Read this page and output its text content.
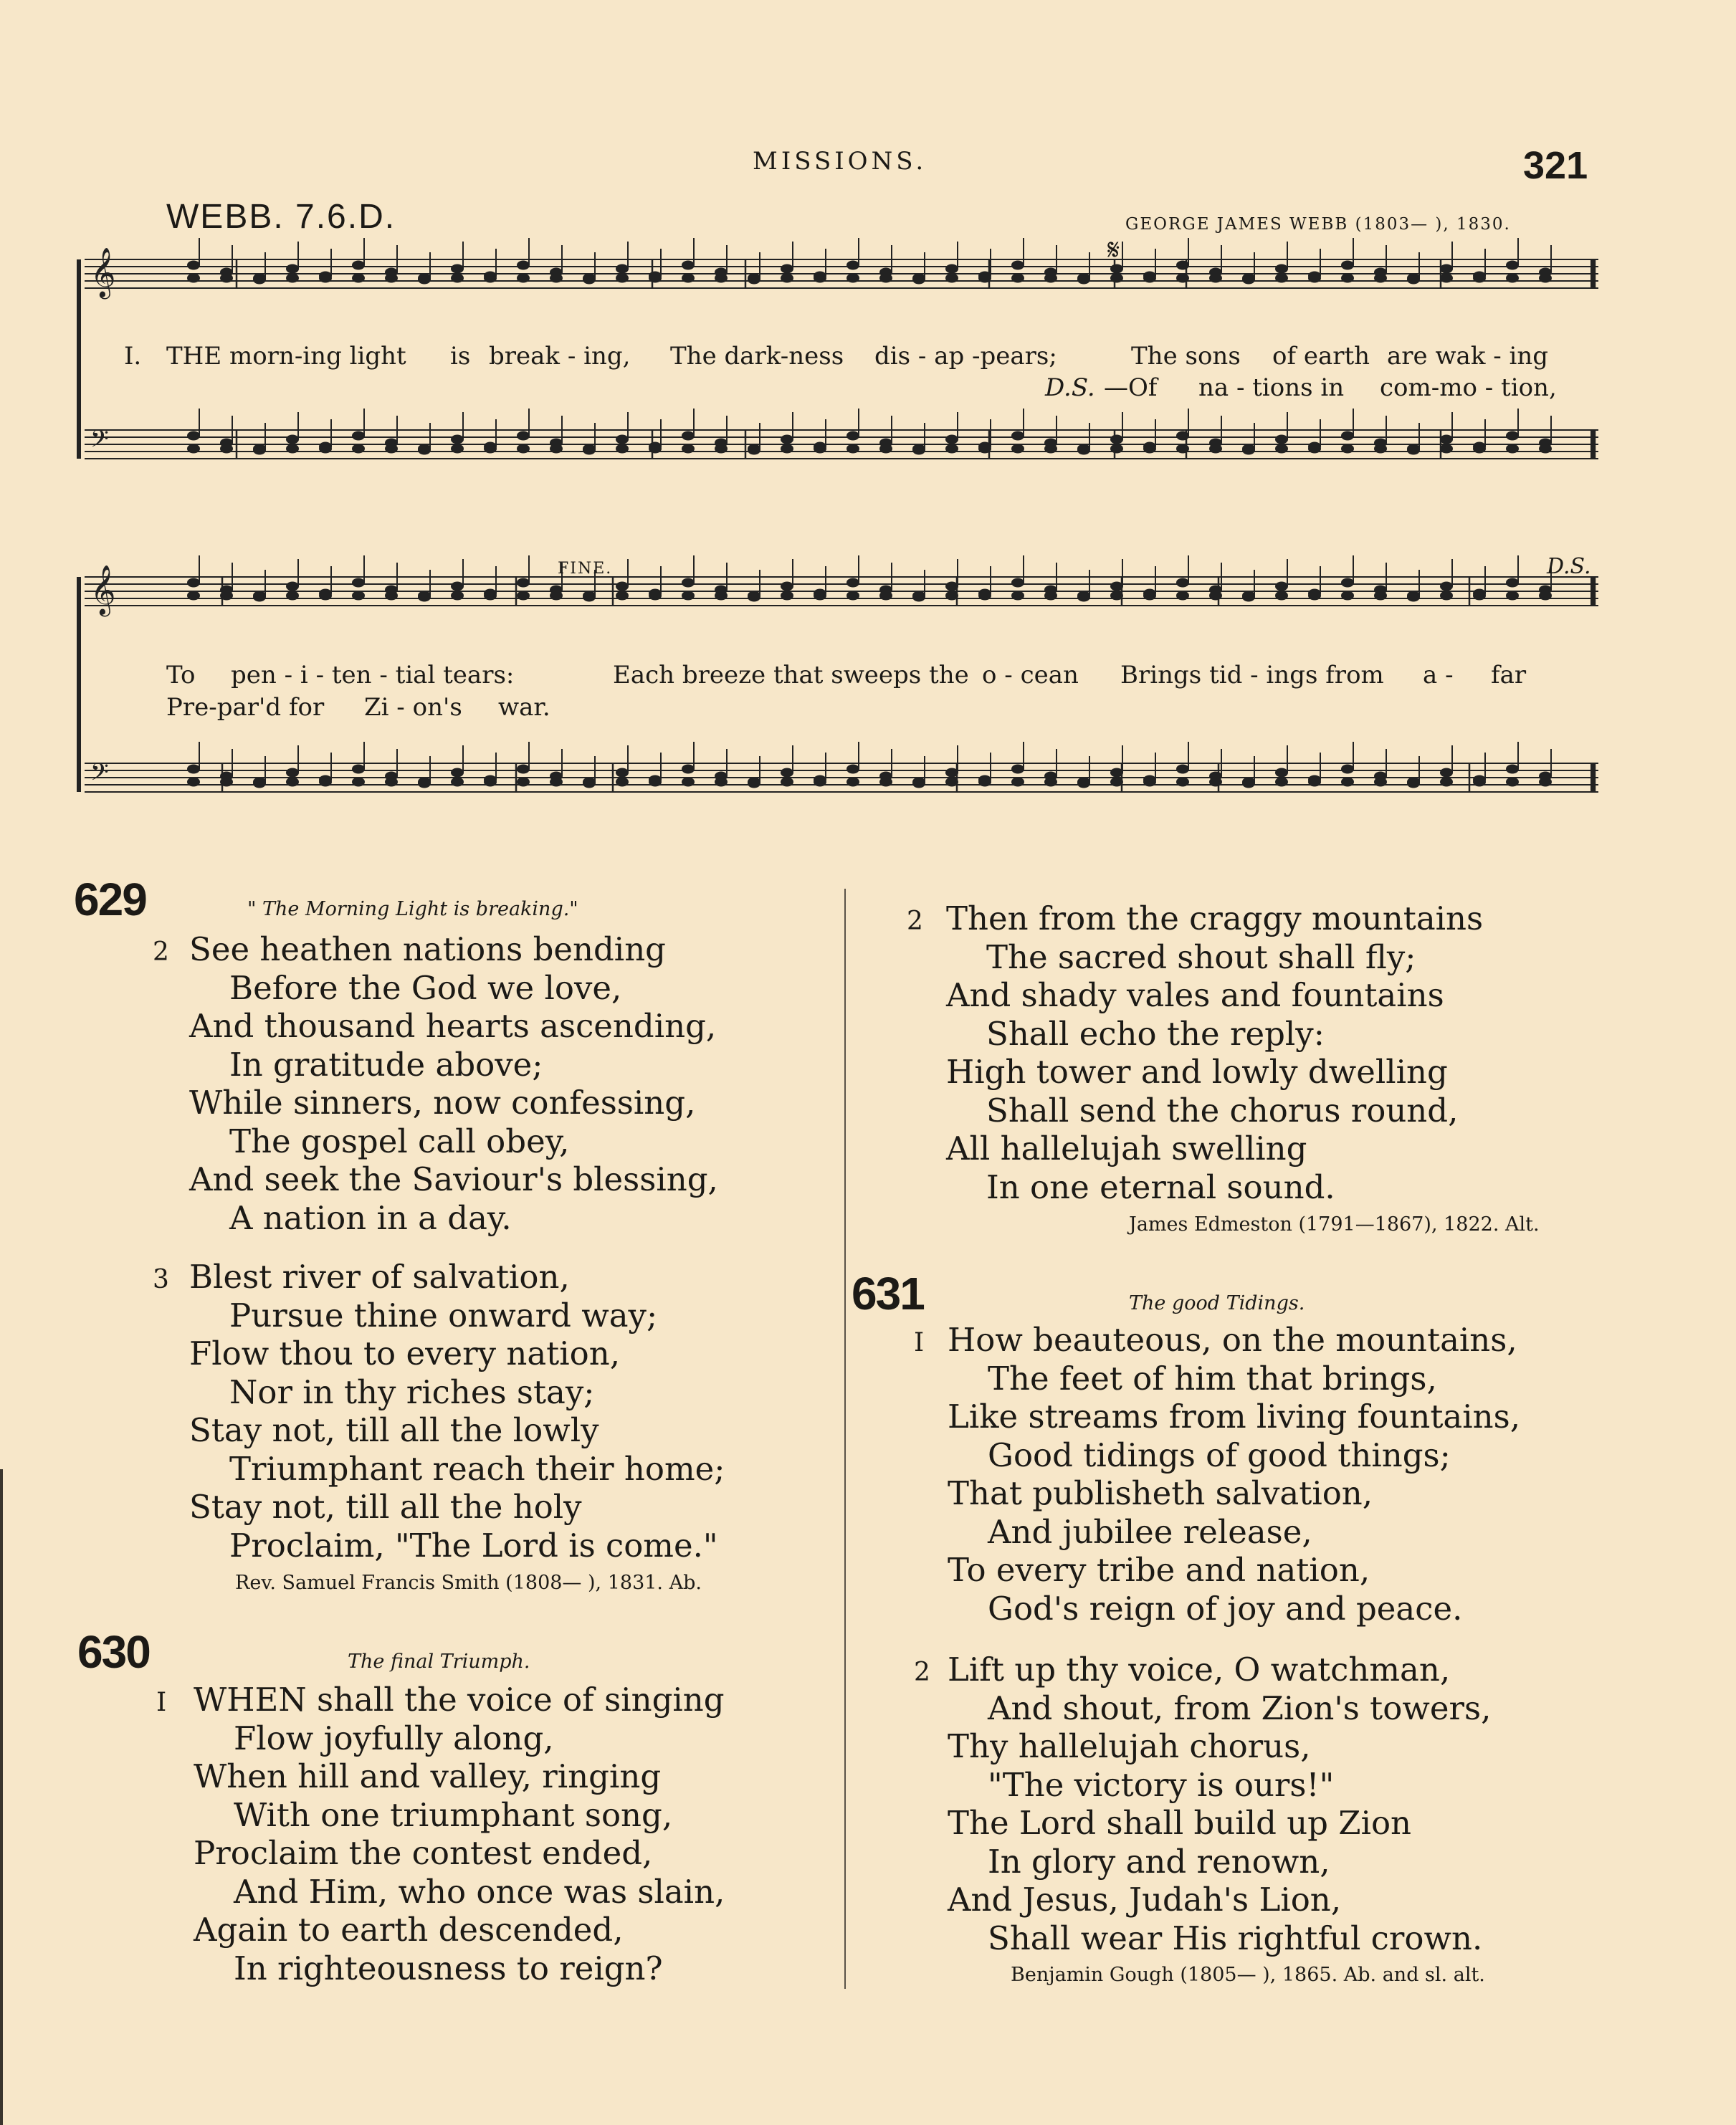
MISSIONS.	321
WEBB. 7.6.D.	GEORGE JAMES WEBB (1803— ), 1830.
𝄞
𝄢
𝄞
𝄢
𝄋
FINE.	D.S.
I. THE morn-ing light is break - ing, The dark-ness dis - ap -pears;	The sons of earth are wak - ing
D.S. —Of na - tions in com-mo - tion,
To pen - i - ten - tial tears:	Each breeze that sweeps the o - cean Brings tid - ings from a - far
Pre-par'd for Zi - on's war.
629	" The Morning Light is breaking."
2 See heathen nations bending
Before the God we love,
And thousand hearts ascending,
In gratitude above;
While sinners, now confessing,
The gospel call obey,
And seek the Saviour's blessing,
A nation in a day.
3 Blest river of salvation,
Pursue thine onward way;
Flow thou to every nation,
Nor in thy riches stay;
Stay not, till all the lowly
Triumphant reach their home;
Stay not, till all the holy
Proclaim, "The Lord is come."
Rev. Samuel Francis Smith (1808— ), 1831. Ab.
630	The final Triumph.
I WHEN shall the voice of singing
Flow joyfully along,
When hill and valley, ringing
With one triumphant song,
Proclaim the contest ended,
And Him, who once was slain,
Again to earth descended,
In righteousness to reign?
2 Then from the craggy mountains
The sacred shout shall fly;
And shady vales and fountains
Shall echo the reply:
High tower and lowly dwelling
Shall send the chorus round,
All hallelujah swelling
In one eternal sound.
James Edmeston (1791—1867), 1822. Alt.
631	The good Tidings.
I How beauteous, on the mountains,
The feet of him that brings,
Like streams from living fountains,
Good tidings of good things;
That publisheth salvation,
And jubilee release,
To every tribe and nation,
God's reign of joy and peace.
2 Lift up thy voice, O watchman,
And shout, from Zion's towers,
Thy hallelujah chorus,
"The victory is ours!"
The Lord shall build up Zion
In glory and renown,
And Jesus, Judah's Lion,
Shall wear His rightful crown.
Benjamin Gough (1805— ), 1865. Ab. and sl. alt.
